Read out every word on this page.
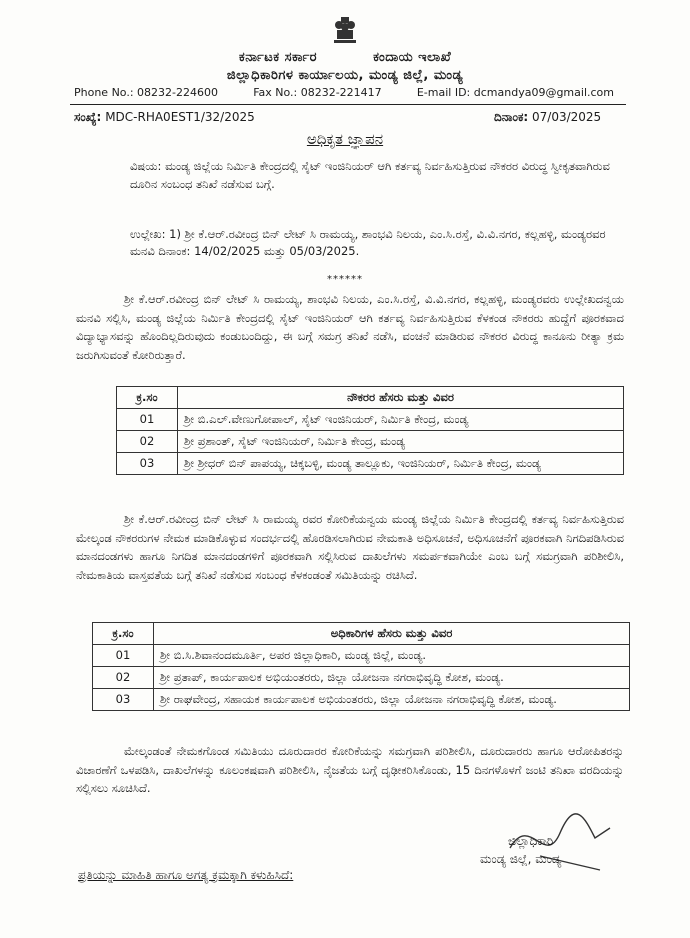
ಕರ್ನಾಟಕ ಸರ್ಕಾರ	ಕಂದಾಯ ಇಲಾಖೆ
ಜಿಲ್ಲಾಧಿಕಾರಿಗಳ ಕಾರ್ಯಾಲಯ, ಮಂಡ್ಯ ಜಿಲ್ಲೆ, ಮಂಡ್ಯ
Phone No.: 08232-224600	Fax No.: 08232-221417	E-mail ID: dcmandya09@gmail.com
ಸಂಖ್ಯೆ: MDC-RHA0EST1/32/2025	ದಿನಾಂಕ: 07/03/2025
ಅಧಿಕೃತ ಜ್ಞಾಪನ
ವಿಷಯ: ಮಂಡ್ಯ ಜಿಲ್ಲೆಯ ನಿರ್ಮಿತಿ ಕೇಂದ್ರದಲ್ಲಿ ಸೈಟ್ ಇಂಜಿನಿಯರ್ ಆಗಿ ಕರ್ತವ್ಯ ನಿರ್ವಹಿಸುತ್ತಿರುವ ನೌಕರರ ವಿರುದ್ಧ ಸ್ವೀಕೃತವಾಗಿರುವ ದೂರಿನ ಸಂಬಂಧ ತನಿಖೆ ನಡೆಸುವ ಬಗ್ಗೆ.
ಉಲ್ಲೇಖ: 1) ಶ್ರೀ ಕೆ.ಆರ್.ರವೀಂದ್ರ ಬಿನ್ ಲೇಟ್ ಸಿ ರಾಮಯ್ಯ, ಶಾಂಭವಿ ನಿಲಯ, ಎಂ.ಸಿ.ರಸ್ತೆ, ವಿ.ವಿ.ನಗರ, ಕಲ್ಲಹಳ್ಳಿ, ಮಂಡ್ಯರವರ ಮನವಿ ದಿನಾಂಕ: 14/02/2025 ಮತ್ತು 05/03/2025.
******
ಶ್ರೀ ಕೆ.ಆರ್.ರವೀಂದ್ರ ಬಿನ್ ಲೇಟ್ ಸಿ ರಾಮಯ್ಯ, ಶಾಂಭವಿ ನಿಲಯ, ಎಂ.ಸಿ.ರಸ್ತೆ, ವಿ.ವಿ.ನಗರ, ಕಲ್ಲಹಳ್ಳಿ, ಮಂಡ್ಯರವರು ಉಲ್ಲೇಖದನ್ವಯ ಮನವಿ ಸಲ್ಲಿಸಿ, ಮಂಡ್ಯ ಜಿಲ್ಲೆಯ ನಿರ್ಮಿತಿ ಕೇಂದ್ರದಲ್ಲಿ ಸೈಟ್ ಇಂಜಿನಿಯರ್ ಆಗಿ ಕರ್ತವ್ಯ ನಿರ್ವಹಿಸುತ್ತಿರುವ ಕೆಳಕಂಡ ನೌಕರರು ಹುದ್ದೆಗೆ ಪೂರಕವಾದ ವಿದ್ಯಾಭ್ಯಾಸವನ್ನು ಹೊಂದಿಲ್ಲದಿರುವುದು ಕಂಡುಬಂದಿದ್ದು, ಈ ಬಗ್ಗೆ ಸಮಗ್ರ ತನಿಖೆ ನಡೆಸಿ, ವಂಚನೆ ಮಾಡಿರುವ ನೌಕರರ ವಿರುದ್ಧ ಕಾನೂನು ರೀತ್ಯಾ ಕ್ರಮ ಜರುಗಿಸುವಂತೆ ಕೋರಿರುತ್ತಾರೆ.
ಕ್ರ.ಸಂ	ನೌಕರರ ಹೆಸರು ಮತ್ತು ವಿವರ
01	ಶ್ರೀ ಬಿ.ಎಲ್.ವೇಣುಗೋಪಾಲ್, ಸೈಟ್ ಇಂಜಿನಿಯರ್, ನಿರ್ಮಿತಿ ಕೇಂದ್ರ, ಮಂಡ್ಯ
02	ಶ್ರೀ ಪ್ರಶಾಂತ್, ಸೈಟ್ ಇಂಜಿನಿಯರ್, ನಿರ್ಮಿತಿ ಕೇಂದ್ರ, ಮಂಡ್ಯ
03	ಶ್ರೀ ಶ್ರೀಧರ್ ಬಿನ್ ಪಾಪಯ್ಯ, ಚಿಕ್ಕಬಳ್ಳಿ, ಮಂಡ್ಯ ತಾಲ್ಲೂಕು, ಇಂಜಿನಿಯರ್, ನಿರ್ಮಿತಿ ಕೇಂದ್ರ, ಮಂಡ್ಯ
ಶ್ರೀ ಕೆ.ಆರ್.ರವೀಂದ್ರ ಬಿನ್ ಲೇಟ್ ಸಿ ರಾಮಯ್ಯ ರವರ ಕೋರಿಕೆಯನ್ವಯ ಮಂಡ್ಯ ಜಿಲ್ಲೆಯ ನಿರ್ಮಿತಿ ಕೇಂದ್ರದಲ್ಲಿ ಕರ್ತವ್ಯ ನಿರ್ವಹಿಸುತ್ತಿರುವ ಮೇಲ್ಕಂಡ ನೌಕರರುಗಳ ನೇಮಕ ಮಾಡಿಕೊಳ್ಳುವ ಸಂದರ್ಭದಲ್ಲಿ ಹೊರಡಿಸಲಾಗಿರುವ ನೇಮಕಾತಿ ಅಧಿಸೂಚನೆ, ಅಧಿಸೂಚನೆಗೆ ಪೂರಕವಾಗಿ ನಿಗದಿಪಡಿಸಿರುವ ಮಾನದಂಡಗಳು ಹಾಗೂ ನಿಗದಿತ ಮಾನದಂಡಗಳಿಗೆ ಪೂರಕವಾಗಿ ಸಲ್ಲಿಸಿರುವ ದಾಖಲೆಗಳು ಸಮರ್ಪಕವಾಗಿಯೇ ಎಂಬ ಬಗ್ಗೆ ಸಮಗ್ರವಾಗಿ ಪರಿಶೀಲಿಸಿ, ನೇಮಕಾತಿಯ ವಾಸ್ತವತೆಯ ಬಗ್ಗೆ ತನಿಖೆ ನಡೆಸುವ ಸಂಬಂಧ ಕೆಳಕಂಡಂತೆ ಸಮಿತಿಯನ್ನು ರಚಿಸಿದೆ.
ಕ್ರ.ಸಂ	ಅಧಿಕಾರಿಗಳ ಹೆಸರು ಮತ್ತು ವಿವರ
01	ಶ್ರೀ ಬಿ.ಸಿ.ಶಿವಾನಂದಮೂರ್ತಿ, ಅಪರ ಜಿಲ್ಲಾಧಿಕಾರಿ, ಮಂಡ್ಯ ಜಿಲ್ಲೆ, ಮಂಡ್ಯ.
02	ಶ್ರೀ ಪ್ರತಾಪ್, ಕಾರ್ಯಪಾಲಕ ಅಭಿಯಂತರರು, ಜಿಲ್ಲಾ ಯೋಜನಾ ನಗರಾಭಿವೃದ್ಧಿ ಕೋಶ, ಮಂಡ್ಯ.
03	ಶ್ರೀ ರಾಘವೇಂದ್ರ, ಸಹಾಯಕ ಕಾರ್ಯಪಾಲಕ ಅಭಿಯಂತರರು, ಜಿಲ್ಲಾ ಯೋಜನಾ ನಗರಾಭಿವೃದ್ಧಿ ಕೋಶ, ಮಂಡ್ಯ.
ಮೇಲ್ಕಂಡಂತೆ ನೇಮಕಗೊಂಡ ಸಮಿತಿಯು ದೂರುದಾರರ ಕೋರಿಕೆಯನ್ನು ಸಮಗ್ರವಾಗಿ ಪರಿಶೀಲಿಸಿ, ದೂರುದಾರರು ಹಾಗೂ ಆರೋಪಿತರನ್ನು ವಿಚಾರಣೆಗೆ ಒಳಪಡಿಸಿ, ದಾಖಲೆಗಳನ್ನು ಕೂಲಂಕಷವಾಗಿ ಪರಿಶೀಲಿಸಿ, ನೈಜತೆಯ ಬಗ್ಗೆ ದೃಢೀಕರಿಸಿಕೊಂಡು, 15 ದಿನಗಳೊಳಗೆ ಜಂಟಿ ತನಿಖಾ ವರದಿಯನ್ನು ಸಲ್ಲಿಸಲು ಸೂಚಿಸಿದೆ.
ಜಿಲ್ಲಾಧಿಕಾರಿ
ಮಂಡ್ಯ ಜಿಲ್ಲೆ, ಮಂಡ್ಯ
ಪ್ರತಿಯನ್ನು ಮಾಹಿತಿ ಹಾಗೂ ಅಗತ್ಯ ಕ್ರಮಕ್ಕಾಗಿ ಕಳುಹಿಸಿದೆ:
